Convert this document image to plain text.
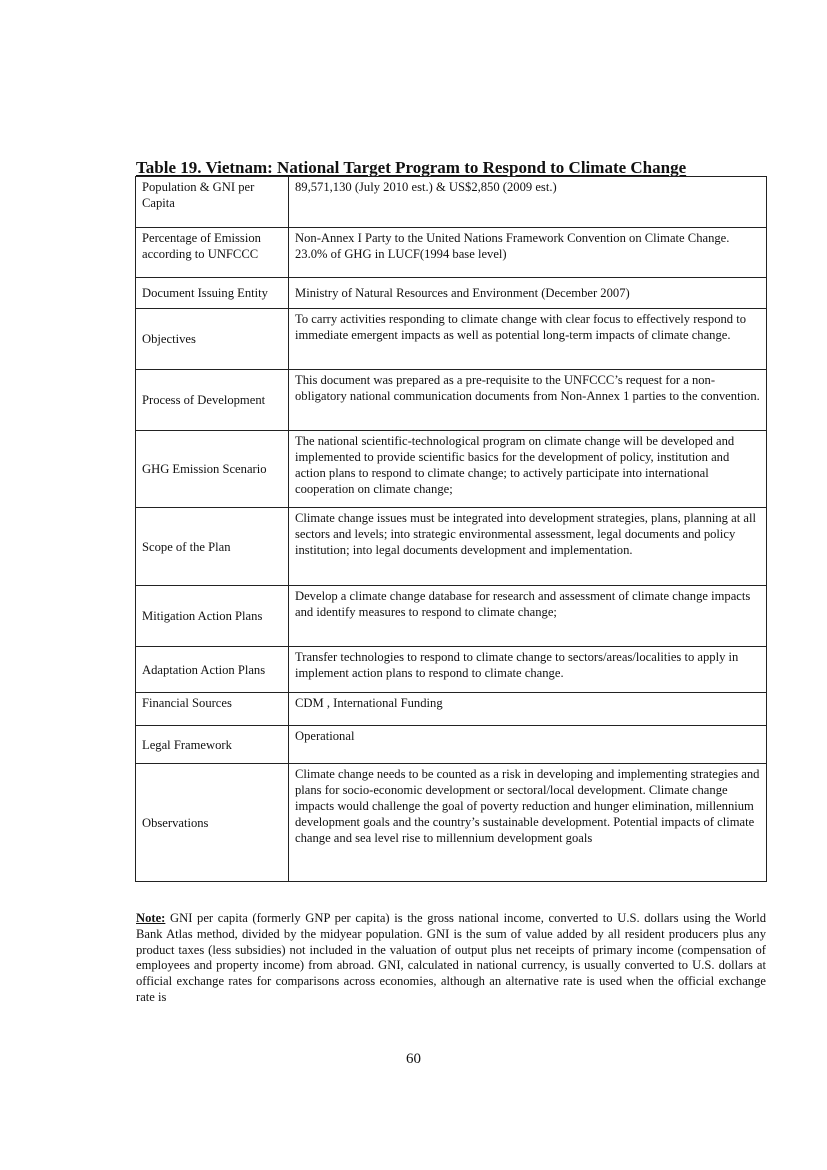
Table 19. Vietnam: National Target Program to Respond to Climate Change
Population & GNI per Capita	89,571,130 (July 2010 est.) & US$2,850 (2009 est.)
Percentage of Emission according to UNFCCC	Non-Annex I Party to the United Nations Framework Convention on Climate Change. 23.0% of GHG in LUCF(1994 base level)
Document Issuing Entity	Ministry of Natural Resources and Environment (December 2007)
Objectives	To carry activities responding to climate change with clear focus to effectively respond to immediate emergent impacts as well as potential long-term impacts of climate change.
Process of Development	This document was prepared as a pre-requisite to the UNFCCC’s request for a non-obligatory national communication documents from Non-Annex 1 parties to the convention.
GHG Emission Scenario	The national scientific-technological program on climate change will be developed and implemented to provide scientific basics for the development of policy, institution and action plans to respond to climate change; to actively participate into international cooperation on climate change;
Scope of the Plan	Climate change issues must be integrated into development strategies, plans, planning at all sectors and levels; into strategic environmental assessment, legal documents and policy institution; into legal documents development and implementation.
Mitigation Action Plans	Develop a climate change database for research and assessment of climate change impacts and identify measures to respond to climate change;
Adaptation Action Plans	Transfer technologies to respond to climate change to sectors/areas/localities to apply in implement action plans to respond to climate change.
Financial Sources	CDM , International Funding
Legal Framework	Operational
Observations	Climate change needs to be counted as a risk in developing and implementing strategies and plans for socio-economic development or sectoral/local development. Climate change impacts would challenge the goal of poverty reduction and hunger elimination, millennium development goals and the country’s sustainable development. Potential impacts of climate change and sea level rise to millennium development goals
Note: GNI per capita (formerly GNP per capita) is the gross national income, converted to U.S. dollars using the World Bank Atlas method, divided by the midyear population. GNI is the sum of value added by all resident producers plus any product taxes (less subsidies) not included in the valuation of output plus net receipts of primary income (compensation of employees and property income) from abroad. GNI, calculated in national currency, is usually converted to U.S. dollars at official exchange rates for comparisons across economies, although an alternative rate is used when the official exchange rate is
60
